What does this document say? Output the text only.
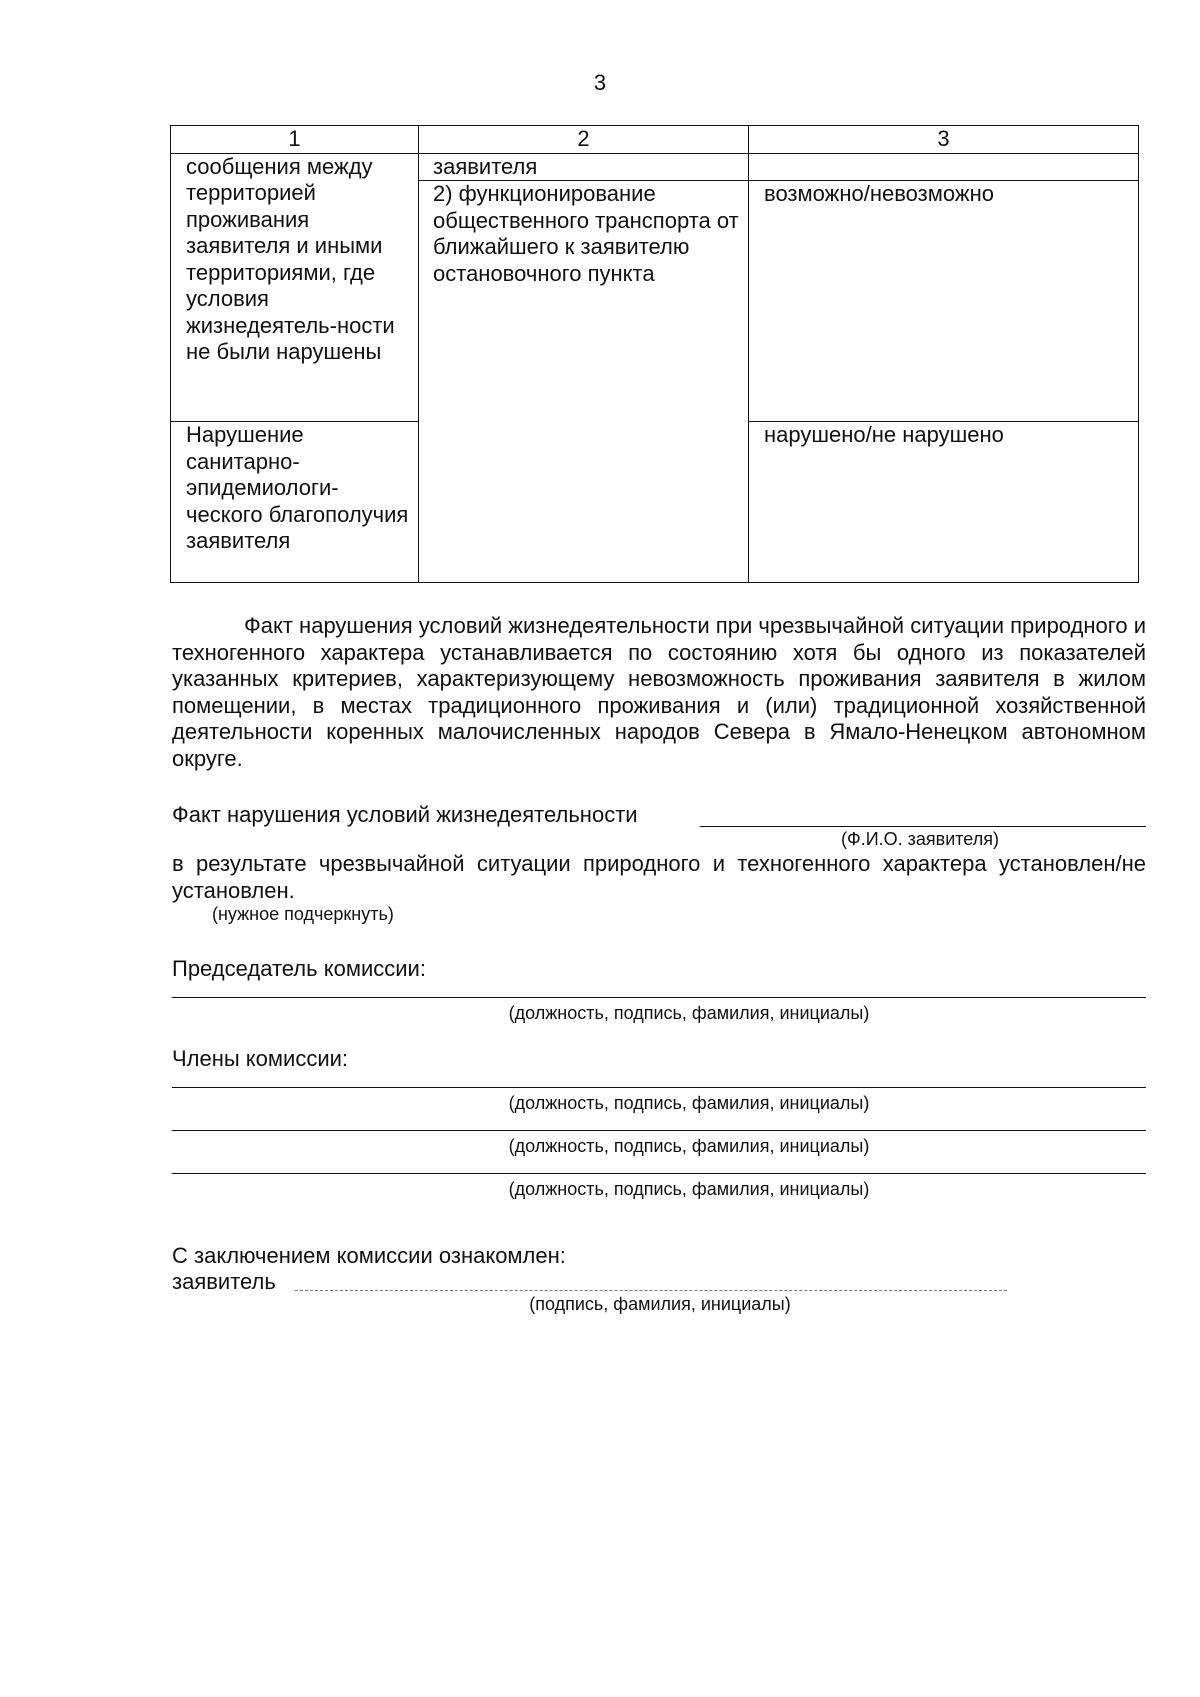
3
1	2	3
сообщения между территорией проживания заявителя и иными территориями, где условия жизнедеятель-ности не были нарушены	заявителя	
	2) функционирование общественного транспорта от ближайшего к заявителю остановочного пункта	возможно/невозможно
Нарушение санитарно-эпидемиологи-ческого благополучия заявителя		нарушено/не нарушено
Факт нарушения условий жизнедеятельности при чрезвычайной ситуации природного и техногенного характера устанавливается по состоянию хотя бы одного из показателей указанных критериев, характеризующему невозможность проживания заявителя в жилом помещении, в местах традиционного проживания и (или) традиционной хозяйственной деятельности коренных малочисленных народов Севера в Ямало-Ненецком автономном округе.
Факт нарушения условий жизнедеятельности
(Ф.И.О. заявителя)
в результате чрезвычайной ситуации природного и техногенного характера установлен/не установлен.
(нужное подчеркнуть)
Председатель комиссии:
(должность, подпись, фамилия, инициалы)
Члены комиссии:
(должность, подпись, фамилия, инициалы)
(должность, подпись, фамилия, инициалы)
(должность, подпись, фамилия, инициалы)
С заключением комиссии ознакомлен:
заявитель
(подпись, фамилия, инициалы)
